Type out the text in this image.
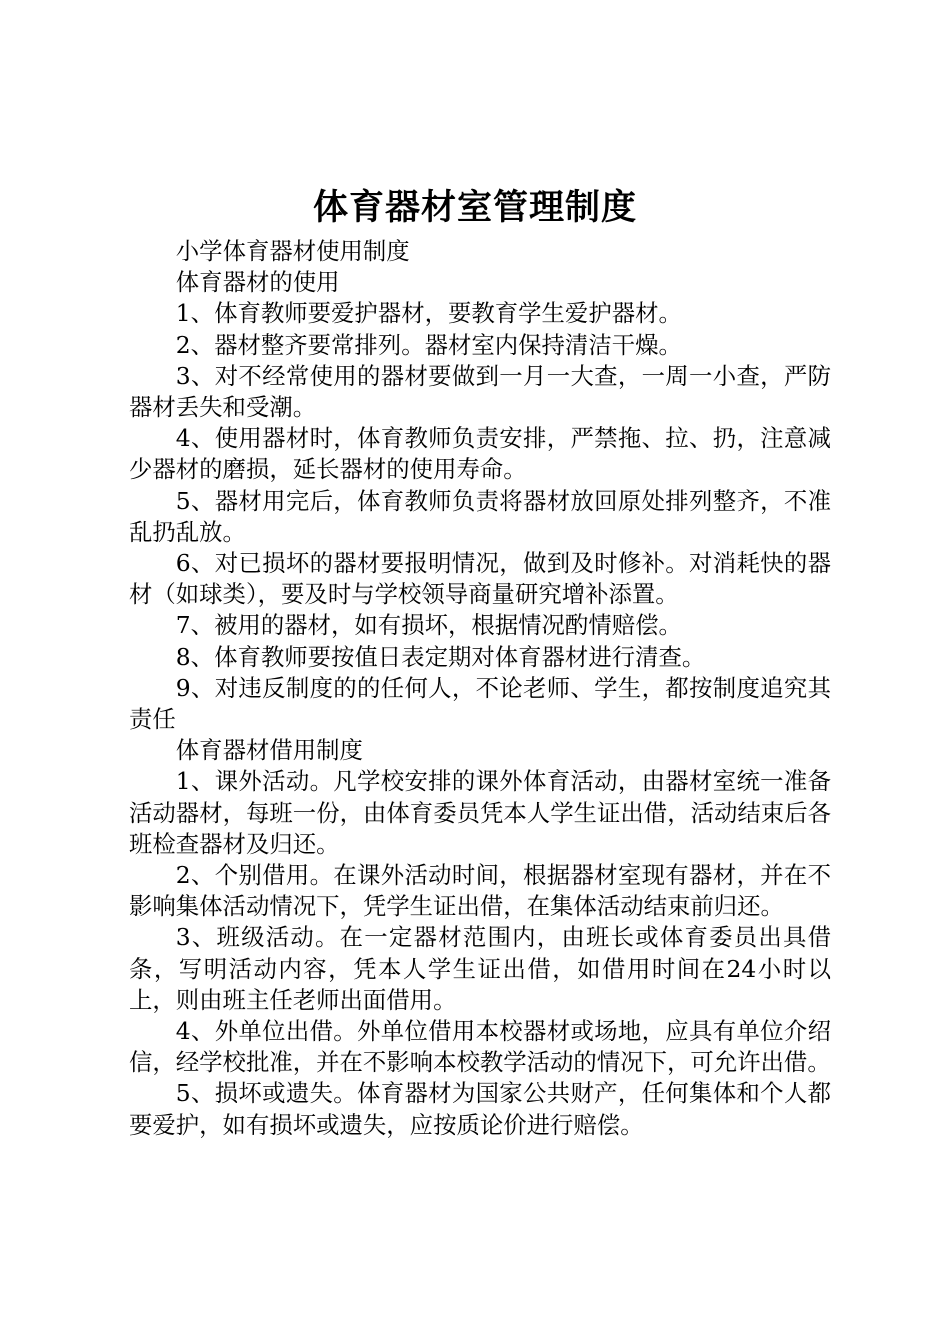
体育器材室管理制度

小学体育器材使用制度

体育器材的使用

1、体育教师要爱护器材，要教育学生爱护器材。

2、器材整齐要常排列。器材室内保持清洁干燥。

3、对不经常使用的器材要做到一月一大查，一周一小查，严防器材丢失和受潮。

4、使用器材时，体育教师负责安排，严禁拖、拉、扔，注意减少器材的磨损，延长器材的使用寿命。

5、器材用完后，体育教师负责将器材放回原处排列整齐，不准乱扔乱放。

6、对已损坏的器材要报明情况，做到及时修补。对消耗快的器材（如球类），要及时与学校领导商量研究增补添置。

7、被用的器材，如有损坏，根据情况酌情赔偿。

8、体育教师要按值日表定期对体育器材进行清查。

9、对违反制度的的任何人，不论老师、学生，都按制度追究其责任

体育器材借用制度

1、课外活动。凡学校安排的课外体育活动，由器材室统一准备活动器材，每班一份，由体育委员凭本人学生证出借，活动结束后各班检查器材及归还。

2、个别借用。在课外活动时间，根据器材室现有器材，并在不影响集体活动情况下，凭学生证出借，在集体活动结束前归还。

3、班级活动。在一定器材范围内，由班长或体育委员出具借条，写明活动内容，凭本人学生证出借，如借用时间在24小时以上，则由班主任老师出面借用。

4、外单位出借。外单位借用本校器材或场地，应具有单位介绍信，经学校批准，并在不影响本校教学活动的情况下，可允许出借。

5、损坏或遗失。体育器材为国家公共财产，任何集体和个人都要爱护，如有损坏或遗失，应按质论价进行赔偿。
